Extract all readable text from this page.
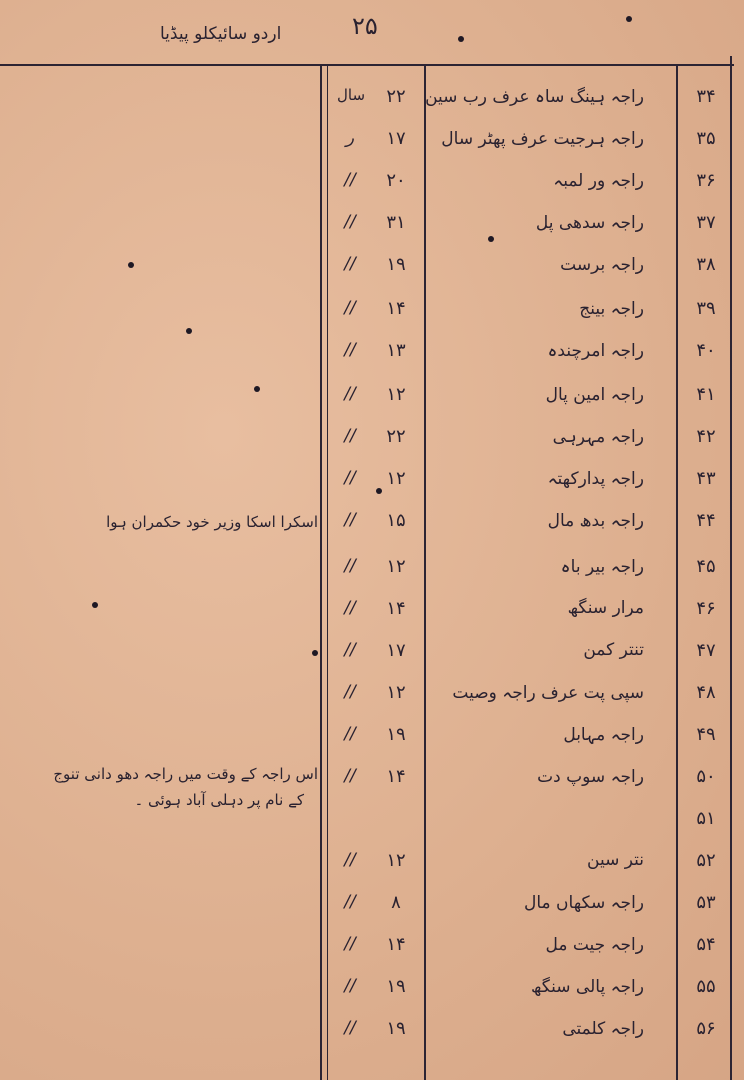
۲۵
اردو سائیکلو پیڈیا
۳۴
راجہ ہینگ ساہ عرف رب سین
۲۲
سال
۳۵
راجہ ہرجیت عرف پھٹر سال
۱۷
ر
۳۶
راجہ ور لمبہ
۲۰
//
۳۷
راجہ سدھی پل
۳۱
//
۳۸
راجہ برست
۱۹
//
۳۹
راجہ بینج
۱۴
//
۴۰
راجہ امرچندہ
۱۳
//
۴۱
راجہ امین پال
۱۲
//
۴۲
راجہ مہرہی
۲۲
//
۴۳
راجہ پدارکھتہ
۱۲
//
۴۴
راجہ بدھ مال
۱۵
//
۴۵
راجہ بیر باہ
۱۲
//
۴۶
مرار سنگھ
۱۴
//
۴۷
تنتر کمن
۱۷
//
۴۸
سپی پت عرف راجہ وصیت
۱۲
//
۴۹
راجہ مہابل
۱۹
//
۵۰
راجہ سوپ دت
۱۴
//
۵۱
۵۲
نتر سین
۱۲
//
۵۳
راجہ سکھاں مال
۸
//
۵۴
راجہ جیت مل
۱۴
//
۵۵
راجہ پالی سنگھ
۱۹
//
۵۶
راجہ کلمتی
۱۹
//
اسکرا اسکا وزیر خود حکمران ہوا
اس راجہ کے وقت میں راجہ دھو دانی تنوج
کے نام پر دہلی آباد ہوئی ۔
